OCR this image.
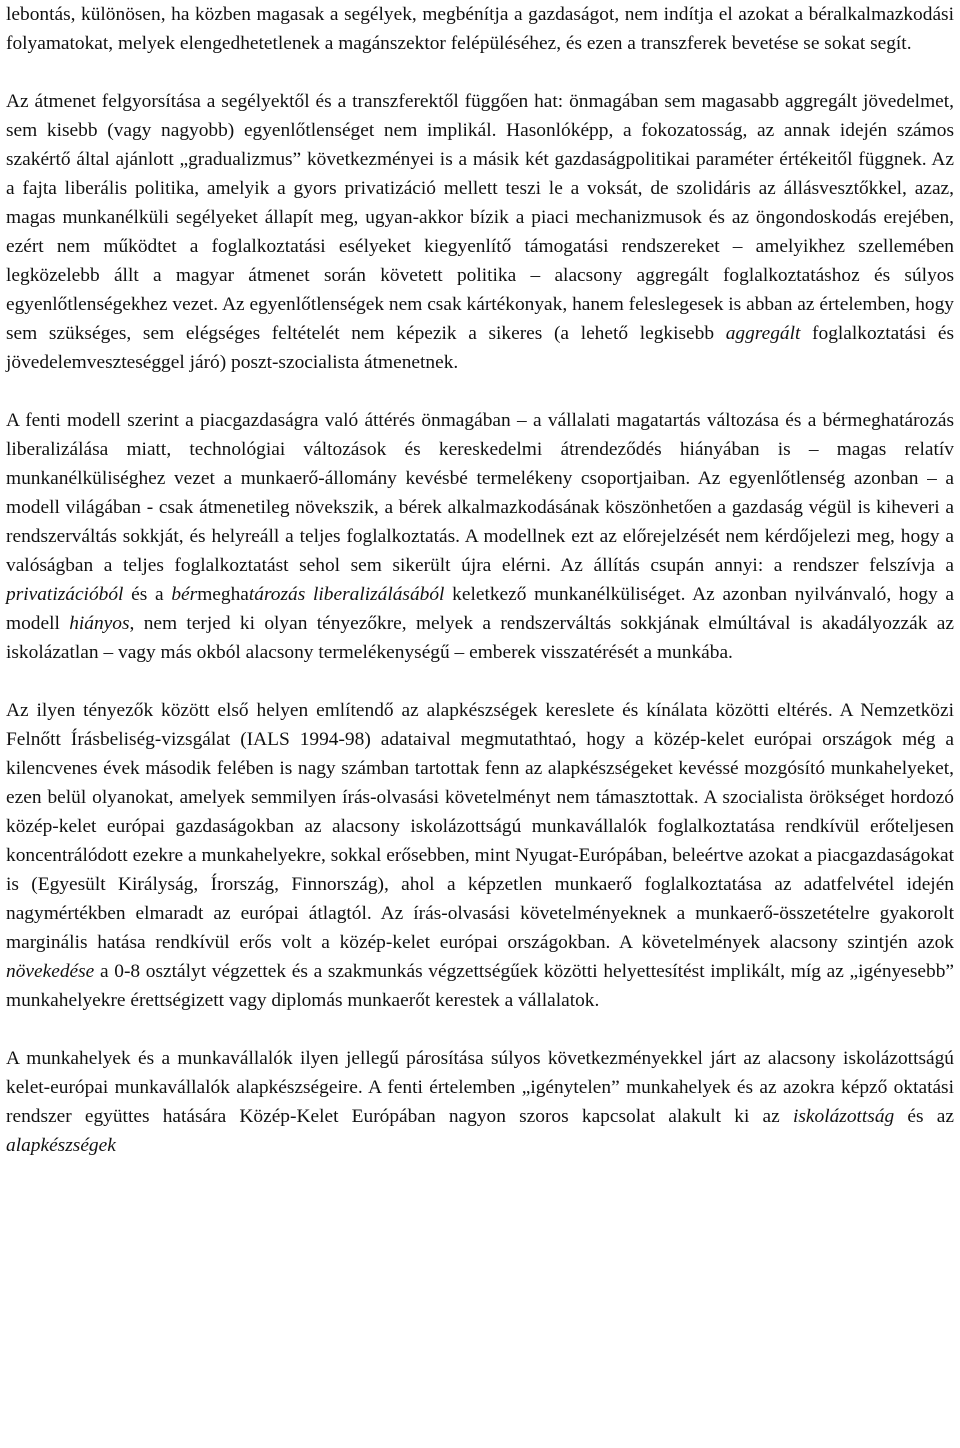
lebontás, különösen, ha közben magasak a segélyek, megbénítja a gazdaságot, nem indítja el azokat a béralkalmazkodási folyamatokat, melyek elengedhetetlenek a magánszektor felépüléséhez, és ezen a transzferek bevetése se sokat segít.

Az átmenet felgyorsítása a segélyektől és a transzferektől függően hat: önmagában sem magasabb aggregált jövedelmet, sem kisebb (vagy nagyobb) egyenlőtlenséget nem implikál. Hasonlóképp, a fokozatosság, az annak idején számos szakértő által ajánlott „gradualizmus” következményei is a másik két gazdaságpolitikai paraméter értékeitől függnek. Az a fajta liberális politika, amelyik a gyors privatizáció mellett teszi le a voksát, de szolidáris az állásvesztőkkel, azaz, magas munkanélküli segélyeket állapít meg, ugyan-akkor bízik a piaci mechanizmusok és az öngondoskodás erejében, ezért nem működtet a foglalkoztatási esélyeket kiegyenlítő támogatási rendszereket – amelyikhez szellemében legközelebb állt a magyar átmenet során követett politika – alacsony aggregált foglalkoztatáshoz és súlyos egyenlőtlenségekhez vezet. Az egyenlőtlenségek nem csak kártékonyak, hanem feleslegesek is abban az értelemben, hogy sem szükséges, sem elégséges feltételét nem képezik a sikeres (a lehető legkisebb aggregált foglalkoztatási és jövedelemveszteséggel járó) poszt-szocialista átmenetnek.

A fenti modell szerint a piacgazdaságra való áttérés önmagában – a vállalati magatartás változása és a bérmeghatározás liberalizálása miatt, technológiai változások és kereskedelmi átrendeződés hiányában is – magas relatív munkanélküliséghez vezet a munkaerő-állomány kevésbé termelékeny csoportjaiban. Az egyenlőtlenség azonban – a modell világában - csak átmenetileg növekszik, a bérek alkalmazkodásának köszönhetően a gazdaság végül is kiheveri a rendszerváltás sokkját, és helyreáll a teljes foglalkoztatás. A modellnek ezt az előrejelzését nem kérdőjelezi meg, hogy a valóságban a teljes foglalkoztatást sehol sem sikerült újra elérni. Az állítás csupán annyi: a rendszer felszívja a privatizációból és a bérmeghatározás liberalizálásából keletkező munkanélküliséget. Az azonban nyilvánvaló, hogy a modell hiányos, nem terjed ki olyan tényezőkre, melyek a rendszerváltás sokkjának elmúltával is akadályozzák az iskolázatlan – vagy más okból alacsony termelékenységű – emberek visszatérését a munkába.

Az ilyen tényezők között első helyen említendő az alapkészségek kereslete és kínálata közötti eltérés. A Nemzetközi Felnőtt Írásbeliség-vizsgálat (IALS 1994-98) adataival megmutathtaó, hogy a közép-kelet európai országok még a kilencvenes évek második felében is nagy számban tartottak fenn az alapkészségeket kevéssé mozgósító munkahelyeket, ezen belül olyanokat, amelyek semmilyen írás-olvasási követelményt nem támasztottak. A szocialista örökséget hordozó közép-kelet európai gazdaságokban az alacsony iskolázottságú munkavállalók foglalkoztatása rendkívül erőteljesen koncentrálódott ezekre a munkahelyekre, sokkal erősebben, mint Nyugat-Európában, beleértve azokat a piacgazdaságokat is (Egyesült Királyság, Írország, Finnország), ahol a képzetlen munkaerő foglalkoztatása az adatfelvétel idején nagymértékben elmaradt az európai átlagtól. Az írás-olvasási követelményeknek a munkaerő-összetételre gyakorolt marginális hatása rendkívül erős volt a közép-kelet európai országokban. A követelmények alacsony szintjén azok növekedése a 0-8 osztályt végzettek és a szakmunkás végzettségűek közötti helyettesítést implikált, míg az „igényesebb” munkahelyekre érettségizett vagy diplomás munkaerőt kerestek a vállalatok.

A munkahelyek és a munkavállalók ilyen jellegű párosítása súlyos következményekkel járt az alacsony iskolázottságú kelet-európai munkavállalók alapkészségeire. A fenti értelemben „igénytelen” munkahelyek és az azokra képző oktatási rendszer együttes hatására Közép-Kelet Európában nagyon szoros kapcsolat alakult ki az iskolázottság és az alapkészségek
